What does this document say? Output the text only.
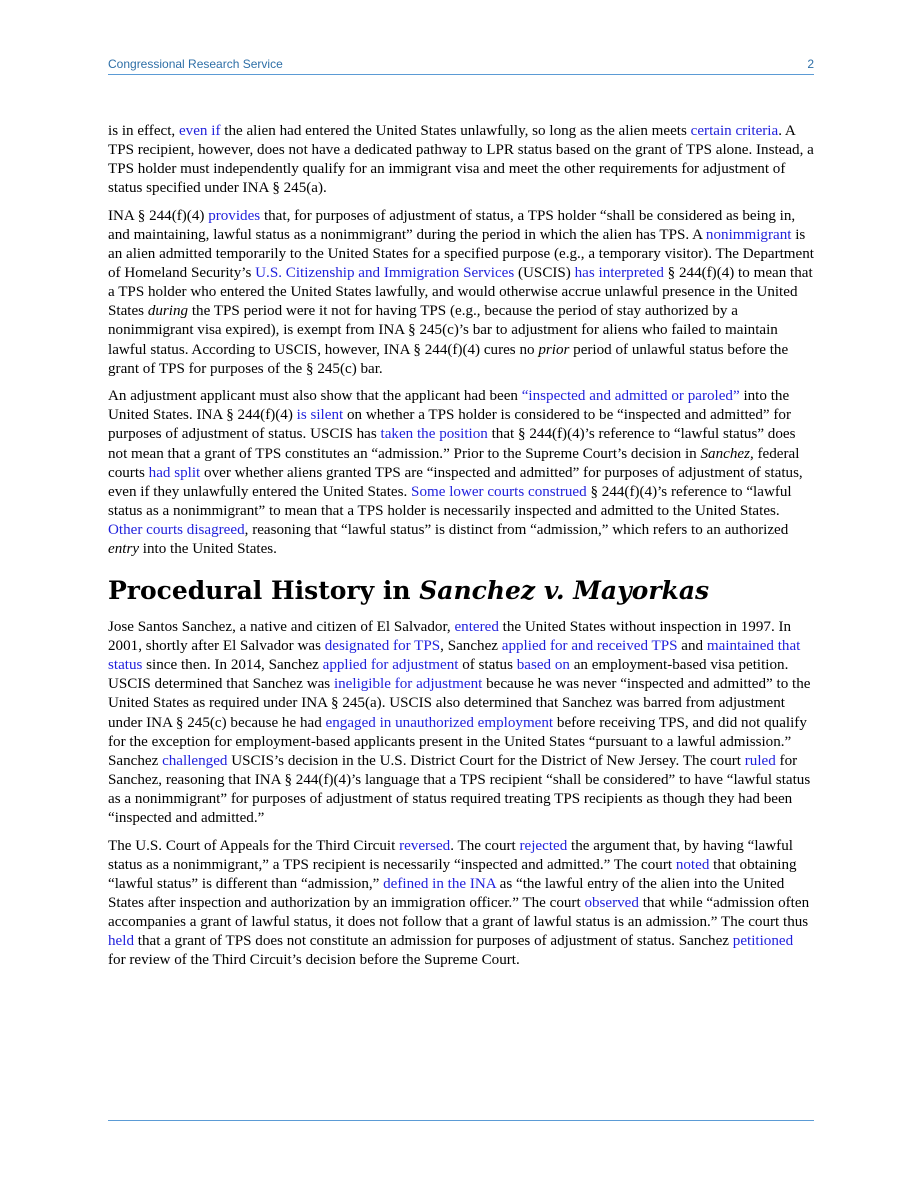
Congressional Research Service	2

is in effect, even if the alien had entered the United States unlawfully, so long as the alien meets certain criteria. A TPS recipient, however, does not have a dedicated pathway to LPR status based on the grant of TPS alone. Instead, a TPS holder must independently qualify for an immigrant visa and meet the other requirements for adjustment of status specified under INA § 245(a).

INA § 244(f)(4) provides that, for purposes of adjustment of status, a TPS holder “shall be considered as being in, and maintaining, lawful status as a nonimmigrant” during the period in which the alien has TPS. A nonimmigrant is an alien admitted temporarily to the United States for a specified purpose (e.g., a temporary visitor). The Department of Homeland Security’s U.S. Citizenship and Immigration Services (USCIS) has interpreted § 244(f)(4) to mean that a TPS holder who entered the United States lawfully, and would otherwise accrue unlawful presence in the United States during the TPS period were it not for having TPS (e.g., because the period of stay authorized by a nonimmigrant visa expired), is exempt from INA § 245(c)’s bar to adjustment for aliens who failed to maintain lawful status. According to USCIS, however, INA § 244(f)(4) cures no prior period of unlawful status before the grant of TPS for purposes of the § 245(c) bar.

An adjustment applicant must also show that the applicant had been “inspected and admitted or paroled” into the United States. INA § 244(f)(4) is silent on whether a TPS holder is considered to be “inspected and admitted” for purposes of adjustment of status. USCIS has taken the position that § 244(f)(4)’s reference to “lawful status” does not mean that a grant of TPS constitutes an “admission.” Prior to the Supreme Court’s decision in Sanchez, federal courts had split over whether aliens granted TPS are “inspected and admitted” for purposes of adjustment of status, even if they unlawfully entered the United States. Some lower courts construed § 244(f)(4)’s reference to “lawful status as a nonimmigrant” to mean that a TPS holder is necessarily inspected and admitted to the United States. Other courts disagreed, reasoning that “lawful status” is distinct from “admission,” which refers to an authorized entry into the United States.

Procedural History in Sanchez v. Mayorkas

Jose Santos Sanchez, a native and citizen of El Salvador, entered the United States without inspection in 1997. In 2001, shortly after El Salvador was designated for TPS, Sanchez applied for and received TPS and maintained that status since then. In 2014, Sanchez applied for adjustment of status based on an employment-based visa petition. USCIS determined that Sanchez was ineligible for adjustment because he was never “inspected and admitted” to the United States as required under INA § 245(a). USCIS also determined that Sanchez was barred from adjustment under INA § 245(c) because he had engaged in unauthorized employment before receiving TPS, and did not qualify for the exception for employment-based applicants present in the United States “pursuant to a lawful admission.” Sanchez challenged USCIS’s decision in the U.S. District Court for the District of New Jersey. The court ruled for Sanchez, reasoning that INA § 244(f)(4)’s language that a TPS recipient “shall be considered” to have “lawful status as a nonimmigrant” for purposes of adjustment of status required treating TPS recipients as though they had been “inspected and admitted.”

The U.S. Court of Appeals for the Third Circuit reversed. The court rejected the argument that, by having “lawful status as a nonimmigrant,” a TPS recipient is necessarily “inspected and admitted.” The court noted that obtaining “lawful status” is different than “admission,” defined in the INA as “the lawful entry of the alien into the United States after inspection and authorization by an immigration officer.” The court observed that while “admission often accompanies a grant of lawful status, it does not follow that a grant of lawful status is an admission.” The court thus held that a grant of TPS does not constitute an admission for purposes of adjustment of status. Sanchez petitioned for review of the Third Circuit’s decision before the Supreme Court.
